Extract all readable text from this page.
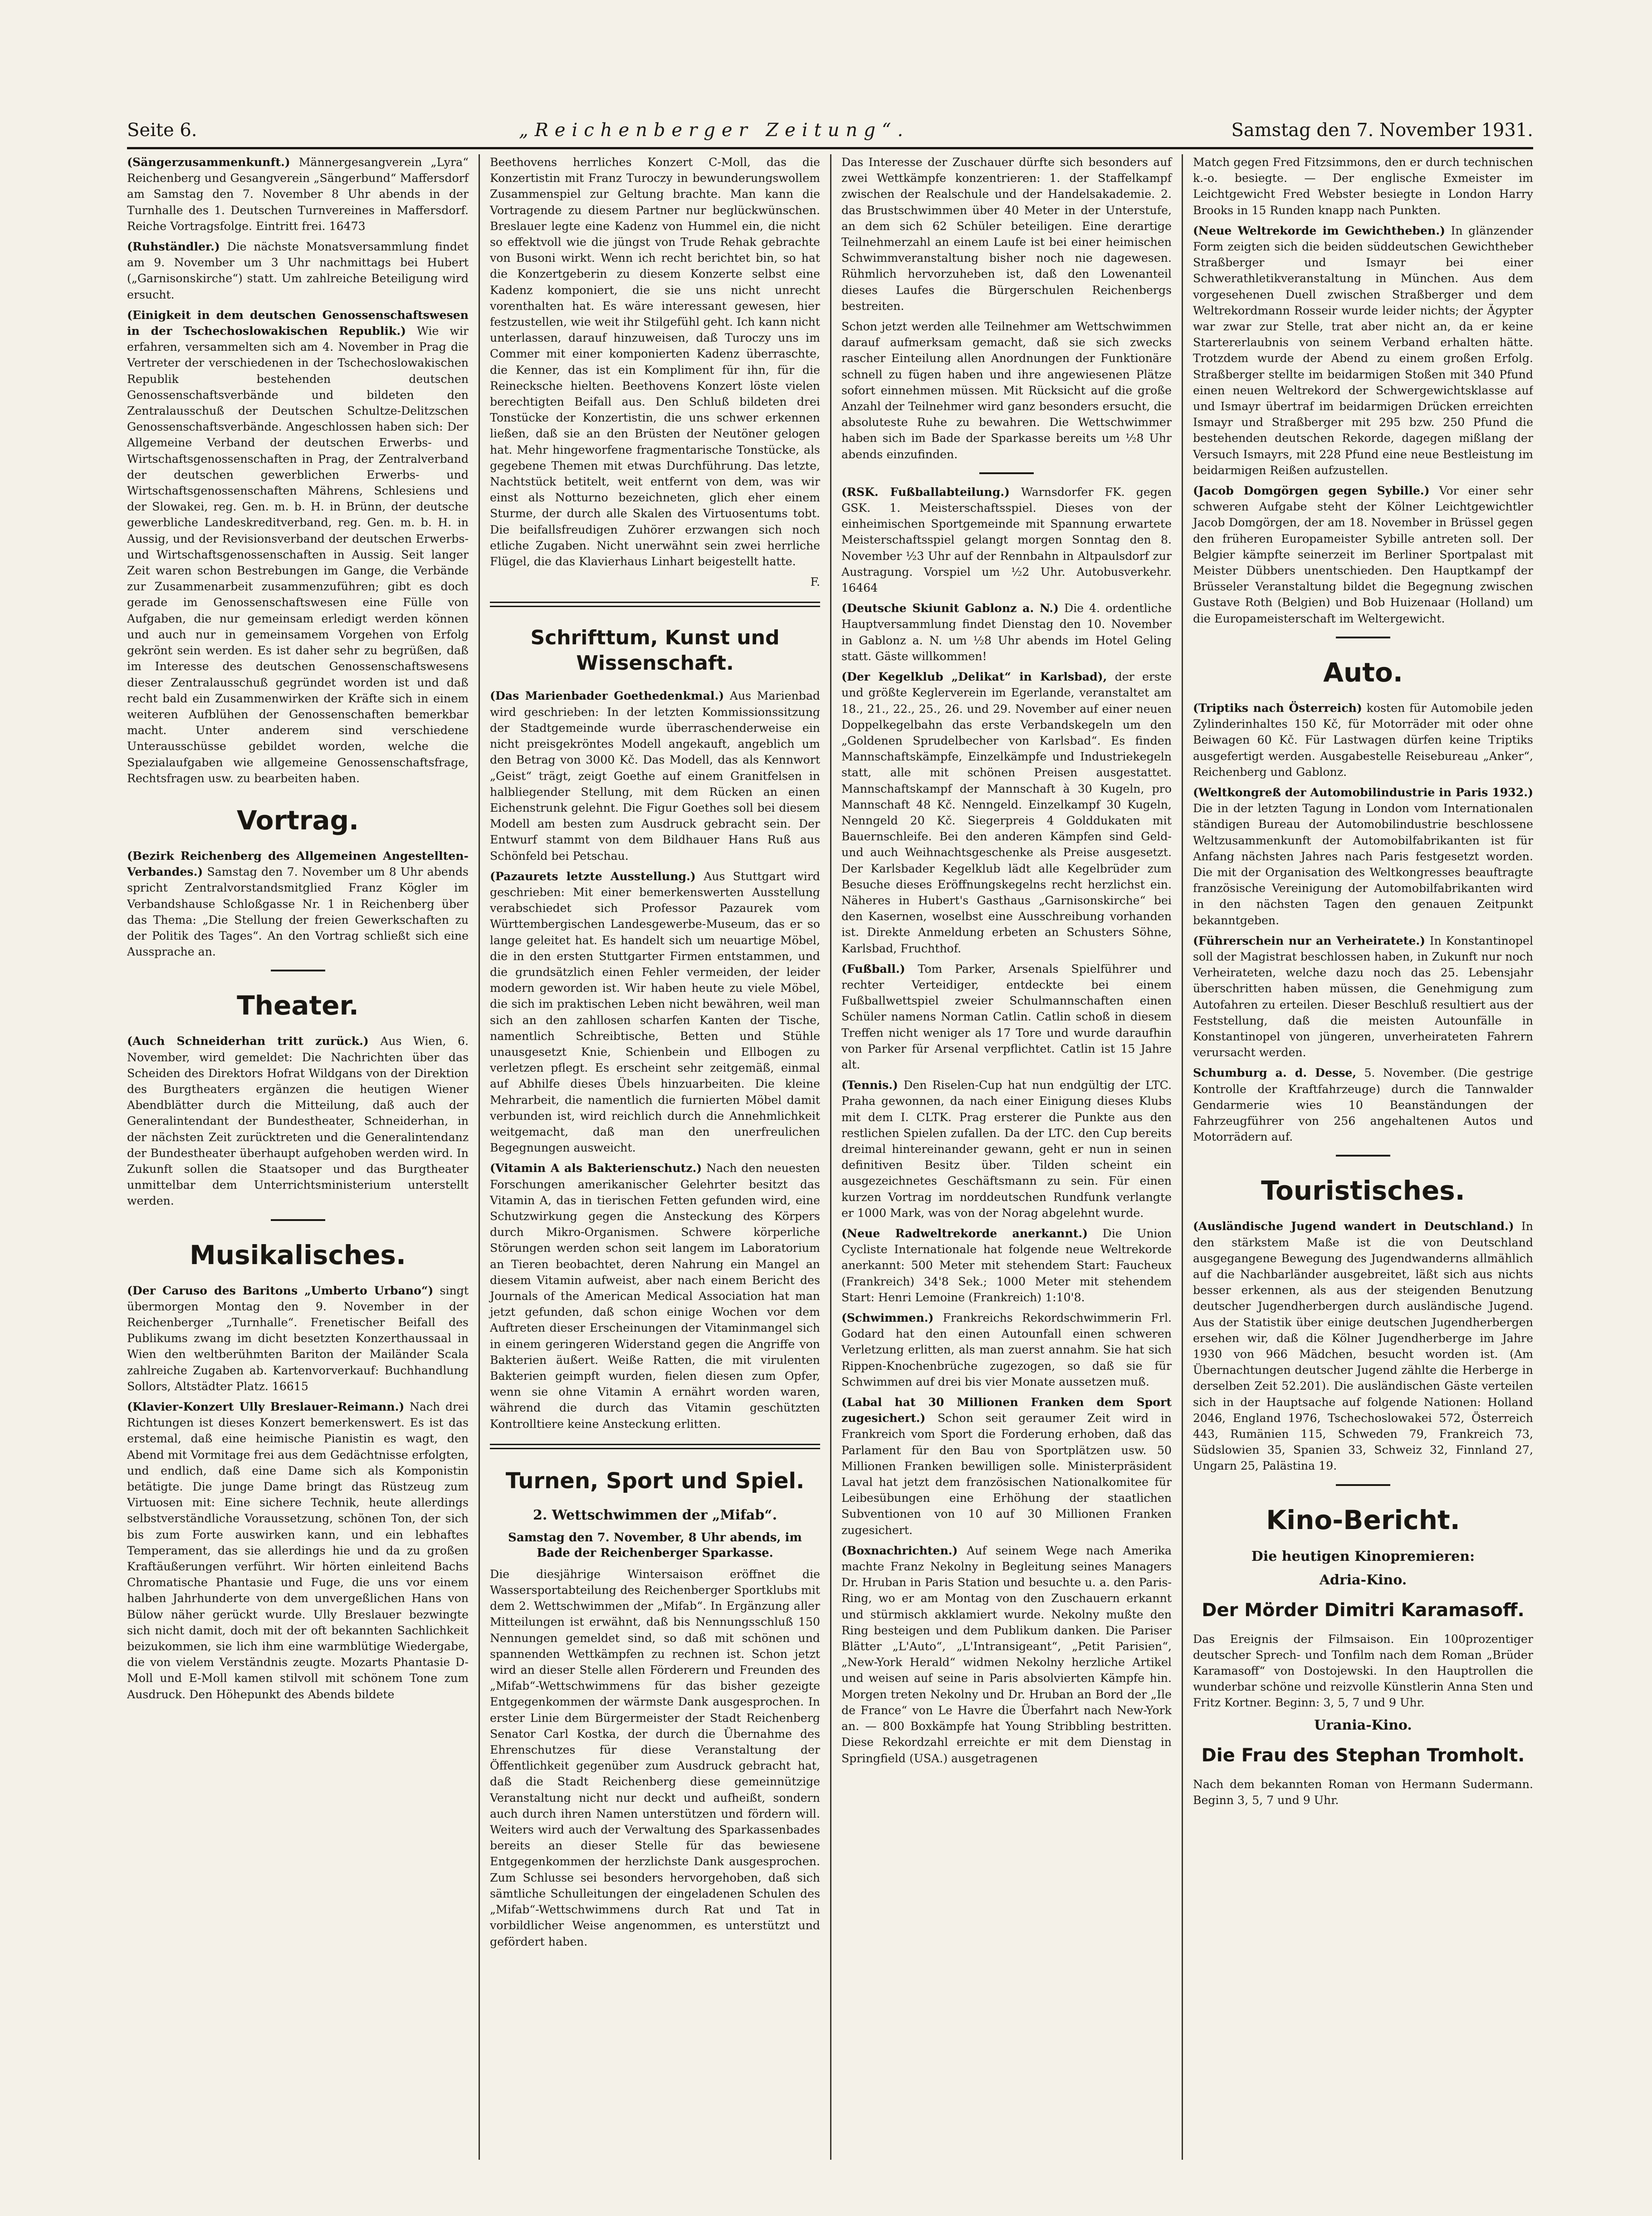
Seite 6.	„Reichenberger Zeitung“.	Samstag den 7. November 1931.
(Sängerzusammenkunft.) Männergesangverein „Lyra“ Reichenberg und Gesangverein „Sängerbund“ Maffersdorf am Samstag den 7. November 8 Uhr abends in der Turnhalle des 1. Deutschen Turnvereines in Maffersdorf. Reiche Vortragsfolge. Eintritt frei. 16473

(Ruhständler.) Die nächste Monatsversammlung findet am 9. November um 3 Uhr nachmittags bei Hubert („Garnisonskirche“) statt. Um zahlreiche Beteiligung wird ersucht.

(Einigkeit in dem deutschen Genossenschaftswesen in der Tschechoslowakischen Republik.) Wie wir erfahren, versammelten sich am 4. November in Prag die Vertreter der verschiedenen in der Tschechoslowakischen Republik bestehenden deutschen Genossenschaftsverbände und bildeten den Zentralausschuß der Deutschen Schultze-Delitzschen Genossenschaftsverbände. Angeschlossen haben sich: Der Allgemeine Verband der deutschen Erwerbs- und Wirtschaftsgenossenschaften in Prag, der Zentralverband der deutschen gewerblichen Erwerbs- und Wirtschaftsgenossenschaften Mährens, Schlesiens und der Slowakei, reg. Gen. m. b. H. in Brünn, der deutsche gewerbliche Landeskreditverband, reg. Gen. m. b. H. in Aussig, und der Revisionsverband der deutschen Erwerbs- und Wirtschaftsgenossenschaften in Aussig. Seit langer Zeit waren schon Bestrebungen im Gange, die Verbände zur Zusammenarbeit zusammenzuführen; gibt es doch gerade im Genossenschaftswesen eine Fülle von Aufgaben, die nur gemeinsam erledigt werden können und auch nur in gemeinsamem Vorgehen von Erfolg gekrönt sein werden. Es ist daher sehr zu begrüßen, daß im Interesse des deutschen Genossenschaftswesens dieser Zentralausschuß gegründet worden ist und daß recht bald ein Zusammenwirken der Kräfte sich in einem weiteren Aufblühen der Genossenschaften bemerkbar macht. Unter anderem sind verschiedene Unterausschüsse gebildet worden, welche die Spezialaufgaben wie allgemeine Genossenschaftsfrage, Rechtsfragen usw. zu bearbeiten haben.

Vortrag.
(Bezirk Reichenberg des Allgemeinen Angestellten-Verbandes.) Samstag den 7. November um 8 Uhr abends spricht Zentralvorstandsmitglied Franz Kögler im Verbandshause Schloßgasse Nr. 1 in Reichenberg über das Thema: „Die Stellung der freien Gewerkschaften zu der Politik des Tages“. An den Vortrag schließt sich eine Aussprache an.

Theater.
(Auch Schneiderhan tritt zurück.) Aus Wien, 6. November, wird gemeldet: Die Nachrichten über das Scheiden des Direktors Hofrat Wildgans von der Direktion des Burgtheaters ergänzen die heutigen Wiener Abendblätter durch die Mitteilung, daß auch der Generalintendant der Bundestheater, Schneiderhan, in der nächsten Zeit zurücktreten und die Generalintendanz der Bundestheater überhaupt aufgehoben werden wird. In Zukunft sollen die Staatsoper und das Burgtheater unmittelbar dem Unterrichtsministerium unterstellt werden.

Musikalisches.
(Der Caruso des Baritons „Umberto Urbano“) singt übermorgen Montag den 9. November in der Reichenberger „Turnhalle“. Frenetischer Beifall des Publikums zwang im dicht besetzten Konzerthaussaal in Wien den weltberühmten Bariton der Mailänder Scala zahlreiche Zugaben ab. Kartenvorverkauf: Buchhandlung Sollors, Altstädter Platz. 16615

(Klavier-Konzert Ully Breslauer-Reimann.) Nach drei Richtungen ist dieses Konzert bemerkenswert. Es ist das erstemal, daß eine heimische Pianistin es wagt, den Abend mit Vormitage frei aus dem Gedächtnisse erfolgten, und endlich, daß eine Dame sich als Komponistin betätigte. Die junge Dame bringt das Rüstzeug zum Virtuosen mit: Eine sichere Technik, heute allerdings selbstverständliche Voraussetzung, schönen Ton, der sich bis zum Forte auswirken kann, und ein lebhaftes Temperament, das sie allerdings hie und da zu großen Kraftäußerungen verführt. Wir hörten einleitend Bachs Chromatische Phantasie und Fuge, die uns vor einem halben Jahrhunderte von dem unvergeßlichen Hans von Bülow näher gerückt wurde. Ully Breslauer bezwingte sich nicht damit, doch mit der oft bekannten Sachlichkeit beizukommen, sie lich ihm eine warmblütige Wiedergabe, die von vielem Verständnis zeugte. Mozarts Phantasie D-Moll und E-Moll kamen stilvoll mit schönem Tone zum Ausdruck. Den Höhepunkt des Abends bildete

Beethovens herrliches Konzert C-Moll, das die Konzertistin mit Franz Turoczy in bewunderungswollem Zusammenspiel zur Geltung brachte. Man kann die Vortragende zu diesem Partner nur beglückwünschen. Breslauer legte eine Kadenz von Hummel ein, die nicht so effektvoll wie die jüngst von Trude Rehak gebrachte von Busoni wirkt. Wenn ich recht berichtet bin, so hat die Konzertgeberin zu diesem Konzerte selbst eine Kadenz komponiert, die sie uns nicht unrecht vorenthalten hat. Es wäre interessant gewesen, hier festzustellen, wie weit ihr Stilgefühl geht. Ich kann nicht unterlassen, darauf hinzuweisen, daß Turoczy uns im Commer mit einer komponierten Kadenz überraschte, die Kenner, das ist ein Kompliment für ihn, für die Reinecksche hielten. Beethovens Konzert löste vielen berechtigten Beifall aus. Den Schluß bildeten drei Tonstücke der Konzertistin, die uns schwer erkennen ließen, daß sie an den Brüsten der Neutöner gelogen hat. Mehr hingeworfene fragmentarische Tonstücke, als gegebene Themen mit etwas Durchführung. Das letzte, Nachtstück betitelt, weit entfernt von dem, was wir einst als Notturno bezeichneten, glich eher einem Sturme, der durch alle Skalen des Virtuosentums tobt. Die beifallsfreudigen Zuhörer erzwangen sich noch etliche Zugaben. Nicht unerwähnt sein zwei herrliche Flügel, die das Klavierhaus Linhart beigestellt hatte.

F.
Schrifttum, Kunst und Wissenschaft.
(Das Marienbader Goethedenkmal.) Aus Marienbad wird geschrieben: In der letzten Kommissionssitzung der Stadtgemeinde wurde überraschenderweise ein nicht preisgekröntes Modell angekauft, angeblich um den Betrag von 3000 Kč. Das Modell, das als Kennwort „Geist“ trägt, zeigt Goethe auf einem Granitfelsen in halbliegender Stellung, mit dem Rücken an einen Eichenstrunk gelehnt. Die Figur Goethes soll bei diesem Modell am besten zum Ausdruck gebracht sein. Der Entwurf stammt von dem Bildhauer Hans Ruß aus Schönfeld bei Petschau.

(Pazaurets letzte Ausstellung.) Aus Stuttgart wird geschrieben: Mit einer bemerkenswerten Ausstellung verabschiedet sich Professor Pazaurek vom Württembergischen Landesgewerbe-Museum, das er so lange geleitet hat. Es handelt sich um neuartige Möbel, die in den ersten Stuttgarter Firmen entstammen, und die grundsätzlich einen Fehler vermeiden, der leider modern geworden ist. Wir haben heute zu viele Möbel, die sich im praktischen Leben nicht bewähren, weil man sich an den zahllosen scharfen Kanten der Tische, namentlich Schreibtische, Betten und Stühle unausgesetzt Knie, Schienbein und Ellbogen zu verletzen pflegt. Es erscheint sehr zeitgemäß, einmal auf Abhilfe dieses Übels hinzuarbeiten. Die kleine Mehrarbeit, die namentlich die furnierten Möbel damit verbunden ist, wird reichlich durch die Annehmlichkeit weitgemacht, daß man den unerfreulichen Begegnungen ausweicht.

(Vitamin A als Bakterienschutz.) Nach den neuesten Forschungen amerikanischer Gelehrter besitzt das Vitamin A, das in tierischen Fetten gefunden wird, eine Schutzwirkung gegen die Ansteckung des Körpers durch Mikro-Organismen. Schwere körperliche Störungen werden schon seit langem im Laboratorium an Tieren beobachtet, deren Nahrung ein Mangel an diesem Vitamin aufweist, aber nach einem Bericht des Journals of the American Medical Association hat man jetzt gefunden, daß schon einige Wochen vor dem Auftreten dieser Erscheinungen der Vitaminmangel sich in einem geringeren Widerstand gegen die Angriffe von Bakterien äußert. Weiße Ratten, die mit virulenten Bakterien geimpft wurden, fielen diesen zum Opfer, wenn sie ohne Vitamin A ernährt worden waren, während die durch das Vitamin geschützten Kontrolltiere keine Ansteckung erlitten.

Turnen, Sport und Spiel.
2. Wettschwimmen der „Mifab“.
Samstag den 7. November, 8 Uhr abends, im Bade der Reichenberger Sparkasse.

Die diesjährige Wintersaison eröffnet die Wassersportabteilung des Reichenberger Sportklubs mit dem 2. Wettschwimmen der „Mifab“. In Ergänzung aller Mitteilungen ist erwähnt, daß bis Nennungsschluß 150 Nennungen gemeldet sind, so daß mit schönen und spannenden Wettkämpfen zu rechnen ist. Schon jetzt wird an dieser Stelle allen Förderern und Freunden des „Mifab“-Wettschwimmens für das bisher gezeigte Entgegenkommen der wärmste Dank ausgesprochen. In erster Linie dem Bürgermeister der Stadt Reichenberg Senator Carl Kostka, der durch die Übernahme des Ehrenschutzes für diese Veranstaltung der Öffentlichkeit gegenüber zum Ausdruck gebracht hat, daß die Stadt Reichenberg diese gemeinnützige Veranstaltung nicht nur deckt und aufheißt, sondern auch durch ihren Namen unterstützen und fördern will. Weiters wird auch der Verwaltung des Sparkassenbades bereits an dieser Stelle für das bewiesene Entgegenkommen der herzlichste Dank ausgesprochen. Zum Schlusse sei besonders hervorgehoben, daß sich sämtliche Schulleitungen der eingeladenen Schulen des „Mifab“-Wettschwimmens durch Rat und Tat in vorbildlicher Weise angenommen, es unterstützt und gefördert haben.

Das Interesse der Zuschauer dürfte sich besonders auf zwei Wettkämpfe konzentrieren: 1. der Staffelkampf zwischen der Realschule und der Handelsakademie. 2. das Brustschwimmen über 40 Meter in der Unterstufe, an dem sich 62 Schüler beteiligen. Eine derartige Teilnehmerzahl an einem Laufe ist bei einer heimischen Schwimmveranstaltung bisher noch nie dagewesen. Rühmlich hervorzuheben ist, daß den Lowenanteil dieses Laufes die Bürgerschulen Reichenbergs bestreiten.

Schon jetzt werden alle Teilnehmer am Wettschwimmen darauf aufmerksam gemacht, daß sie sich zwecks rascher Einteilung allen Anordnungen der Funktionäre schnell zu fügen haben und ihre angewiesenen Plätze sofort einnehmen müssen. Mit Rücksicht auf die große Anzahl der Teilnehmer wird ganz besonders ersucht, die absoluteste Ruhe zu bewahren. Die Wettschwimmer haben sich im Bade der Sparkasse bereits um ½8 Uhr abends einzufinden.

(RSK. Fußballabteilung.) Warnsdorfer FK. gegen GSK. 1. Meisterschaftsspiel. Dieses von der einheimischen Sportgemeinde mit Spannung erwartete Meisterschaftsspiel gelangt morgen Sonntag den 8. November ½3 Uhr auf der Rennbahn in Altpaulsdorf zur Austragung. Vorspiel um ½2 Uhr. Autobusverkehr. 16464

(Deutsche Skiunit Gablonz a. N.) Die 4. ordentliche Hauptversammlung findet Dienstag den 10. November in Gablonz a. N. um ½8 Uhr abends im Hotel Geling statt. Gäste willkommen!

(Der Kegelklub „Delikat“ in Karlsbad), der erste und größte Keglerverein im Egerlande, veranstaltet am 18., 21., 22., 25., 26. und 29. November auf einer neuen Doppelkegelbahn das erste Verbandskegeln um den „Goldenen Sprudelbecher von Karlsbad“. Es finden Mannschaftskämpfe, Einzelkämpfe und Industriekegeln statt, alle mit schönen Preisen ausgestattet. Mannschaftskampf der Mannschaft à 30 Kugeln, pro Mannschaft 48 Kč. Nenngeld. Einzelkampf 30 Kugeln, Nenngeld 20 Kč. Siegerpreis 4 Golddukaten mit Bauernschleife. Bei den anderen Kämpfen sind Geld- und auch Weihnachtsgeschenke als Preise ausgesetzt. Der Karlsbader Kegelklub lädt alle Kegelbrüder zum Besuche dieses Eröffnungskegelns recht herzlichst ein. Näheres in Hubert's Gasthaus „Garnisonskirche“ bei den Kasernen, woselbst eine Ausschreibung vorhanden ist. Direkte Anmeldung erbeten an Schusters Söhne, Karlsbad, Fruchthof.

(Fußball.) Tom Parker, Arsenals Spielführer und rechter Verteidiger, entdeckte bei einem Fußballwettspiel zweier Schulmannschaften einen Schüler namens Norman Catlin. Catlin schoß in diesem Treffen nicht weniger als 17 Tore und wurde daraufhin von Parker für Arsenal verpflichtet. Catlin ist 15 Jahre alt.

(Tennis.) Den Riselen-Cup hat nun endgültig der LTC. Praha gewonnen, da nach einer Einigung dieses Klubs mit dem I. CLTK. Prag ersterer die Punkte aus den restlichen Spielen zufallen. Da der LTC. den Cup bereits dreimal hintereinander gewann, geht er nun in seinen definitiven Besitz über. Tilden scheint ein ausgezeichnetes Geschäftsmann zu sein. Für einen kurzen Vortrag im norddeutschen Rundfunk verlangte er 1000 Mark, was von der Norag abgelehnt wurde.

(Neue Radweltrekorde anerkannt.) Die Union Cycliste Internationale hat folgende neue Weltrekorde anerkannt: 500 Meter mit stehendem Start: Faucheux (Frankreich) 34'8 Sek.; 1000 Meter mit stehendem Start: Henri Lemoine (Frankreich) 1:10'8.

(Schwimmen.) Frankreichs Rekordschwimmerin Frl. Godard hat den einen Autounfall einen schweren Verletzung erlitten, als man zuerst annahm. Sie hat sich Rippen-Knochenbrüche zugezogen, so daß sie für Schwimmen auf drei bis vier Monate aussetzen muß.

(Labal hat 30 Millionen Franken dem Sport zugesichert.) Schon seit geraumer Zeit wird in Frankreich vom Sport die Forderung erhoben, daß das Parlament für den Bau von Sportplätzen usw. 50 Millionen Franken bewilligen solle. Ministerpräsident Laval hat jetzt dem französischen Nationalkomitee für Leibesübungen eine Erhöhung der staatlichen Subventionen von 10 auf 30 Millionen Franken zugesichert.

(Boxnachrichten.) Auf seinem Wege nach Amerika machte Franz Nekolny in Begleitung seines Managers Dr. Hruban in Paris Station und besuchte u. a. den Paris-Ring, wo er am Montag von den Zuschauern erkannt und stürmisch akklamiert wurde. Nekolny mußte den Ring besteigen und dem Publikum danken. Die Pariser Blätter „L'Auto“, „L'Intransigeant“, „Petit Parisien“, „New-York Herald“ widmen Nekolny herzliche Artikel und weisen auf seine in Paris absolvierten Kämpfe hin. Morgen treten Nekolny und Dr. Hruban an Bord der „Ile de France“ von Le Havre die Überfahrt nach New-York an. — 800 Boxkämpfe hat Young Stribbling bestritten. Diese Rekordzahl erreichte er mit dem Dienstag in Springfield (USA.) ausgetragenen

Match gegen Fred Fitzsimmons, den er durch technischen k.-o. besiegte. — Der englische Exmeister im Leichtgewicht Fred Webster besiegte in London Harry Brooks in 15 Runden knapp nach Punkten.

(Neue Weltrekorde im Gewichtheben.) In glänzender Form zeigten sich die beiden süddeutschen Gewichtheber Straßberger und Ismayr bei einer Schwerathletikveranstaltung in München. Aus dem vorgesehenen Duell zwischen Straßberger und dem Weltrekordmann Rosseir wurde leider nichts; der Ägypter war zwar zur Stelle, trat aber nicht an, da er keine Startererlaubnis von seinem Verband erhalten hätte. Trotzdem wurde der Abend zu einem großen Erfolg. Straßberger stellte im beidarmigen Stoßen mit 340 Pfund einen neuen Weltrekord der Schwergewichtsklasse auf und Ismayr übertraf im beidarmigen Drücken erreichten Ismayr und Straßberger mit 295 bzw. 250 Pfund die bestehenden deutschen Rekorde, dagegen mißlang der Versuch Ismayrs, mit 228 Pfund eine neue Bestleistung im beidarmigen Reißen aufzustellen.

(Jacob Domgörgen gegen Sybille.) Vor einer sehr schweren Aufgabe steht der Kölner Leichtgewichtler Jacob Domgörgen, der am 18. November in Brüssel gegen den früheren Europameister Sybille antreten soll. Der Belgier kämpfte seinerzeit im Berliner Sportpalast mit Meister Dübbers unentschieden. Den Hauptkampf der Brüsseler Veranstaltung bildet die Begegnung zwischen Gustave Roth (Belgien) und Bob Huizenaar (Holland) um die Europameisterschaft im Weltergewicht.

Auto.
(Triptiks nach Österreich) kosten für Automobile jeden Zylinderinhaltes 150 Kč, für Motorräder mit oder ohne Beiwagen 60 Kč. Für Lastwagen dürfen keine Triptiks ausgefertigt werden. Ausgabestelle Reisebureau „Anker“, Reichenberg und Gablonz.

(Weltkongreß der Automobilindustrie in Paris 1932.)

Die in der letzten Tagung in London vom Internationalen ständigen Bureau der Automobilindustrie beschlossene Weltzusammenkunft der Automobilfabrikanten ist für Anfang nächsten Jahres nach Paris festgesetzt worden. Die mit der Organisation des Weltkongresses beauftragte französische Vereinigung der Automobilfabrikanten wird in den nächsten Tagen den genauen Zeitpunkt bekanntgeben.

(Führerschein nur an Verheiratete.) In Konstantinopel soll der Magistrat beschlossen haben, in Zukunft nur noch Verheirateten, welche dazu noch das 25. Lebensjahr überschritten haben müssen, die Genehmigung zum Autofahren zu erteilen. Dieser Beschluß resultiert aus der Feststellung, daß die meisten Autounfälle in Konstantinopel von jüngeren, unverheirateten Fahrern verursacht werden.

Schumburg a. d. Desse, 5. November. (Die gestrige Kontrolle der Kraftfahrzeuge) durch die Tannwalder Gendarmerie wies 10 Beanständungen der Fahrzeugführer von 256 angehaltenen Autos und Motorrädern auf.

Touristisches.
(Ausländische Jugend wandert in Deutschland.) In den stärkstem Maße ist die von Deutschland ausgegangene Bewegung des Jugendwanderns allmählich auf die Nachbarländer ausgebreitet, läßt sich aus nichts besser erkennen, als aus der steigenden Benutzung deutscher Jugendherbergen durch ausländische Jugend. Aus der Statistik über einige deutschen Jugendherbergen ersehen wir, daß die Kölner Jugendherberge im Jahre 1930 von 966 Mädchen, besucht worden ist. (Am Übernachtungen deutscher Jugend zählte die Herberge in derselben Zeit 52.201). Die ausländischen Gäste verteilen sich in der Hauptsache auf folgende Nationen: Holland 2046, England 1976, Tschechoslowakei 572, Österreich 443, Rumänien 115, Schweden 79, Frankreich 73, Südslowien 35, Spanien 33, Schweiz 32, Finnland 27, Ungarn 25, Palästina 19.

Kino-Bericht.
Die heutigen Kinopremieren:
Adria-Kino.
Der Mörder Dimitri Karamasoff.

Das Ereignis der Filmsaison. Ein 100prozentiger deutscher Sprech- und Tonfilm nach dem Roman „Brüder Karamasoff“ von Dostojewski. In den Hauptrollen die wunderbar schöne und reizvolle Künstlerin Anna Sten und Fritz Kortner. Beginn: 3, 5, 7 und 9 Uhr.

Urania-Kino.
Die Frau des Stephan Tromholt.

Nach dem bekannten Roman von Hermann Sudermann. Beginn 3, 5, 7 und 9 Uhr.
